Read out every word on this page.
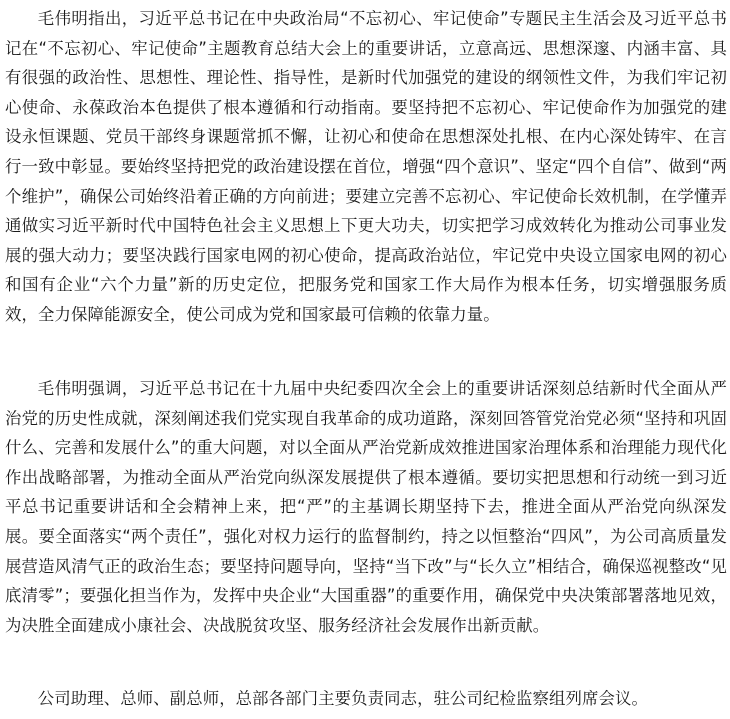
毛伟明指出，习近平总书记在中央政治局“不忘初心、牢记使命”专题民主生活会及习近平总书记在“不忘初心、牢记使命”主题教育总结大会上的重要讲话，立意高远、思想深邃、内涵丰富、具有很强的政治性、思想性、理论性、指导性，是新时代加强党的建设的纲领性文件，为我们牢记初心使命、永葆政治本色提供了根本遵循和行动指南。要坚持把不忘初心、牢记使命作为加强党的建设永恒课题、党员干部终身课题常抓不懈，让初心和使命在思想深处扎根、在内心深处铸牢、在言行一致中彰显。要始终坚持把党的政治建设摆在首位，增强“四个意识”、坚定“四个自信”、做到“两个维护”，确保公司始终沿着正确的方向前进；要建立完善不忘初心、牢记使命长效机制，在学懂弄通做实习近平新时代中国特色社会主义思想上下更大功夫，切实把学习成效转化为推动公司事业发展的强大动力；要坚决践行国家电网的初心使命，提高政治站位，牢记党中央设立国家电网的初心和国有企业“六个力量”新的历史定位，把服务党和国家工作大局作为根本任务，切实增强服务质效，全力保障能源安全，使公司成为党和国家最可信赖的依靠力量。

毛伟明强调，习近平总书记在十九届中央纪委四次全会上的重要讲话深刻总结新时代全面从严治党的历史性成就，深刻阐述我们党实现自我革命的成功道路，深刻回答管党治党必须“坚持和巩固什么、完善和发展什么”的重大问题，对以全面从严治党新成效推进国家治理体系和治理能力现代化作出战略部署，为推动全面从严治党向纵深发展提供了根本遵循。要切实把思想和行动统一到习近平总书记重要讲话和全会精神上来，把“严”的主基调长期坚持下去，推进全面从严治党向纵深发展。要全面落实“两个责任”，强化对权力运行的监督制约，持之以恒整治“四风”，为公司高质量发展营造风清气正的政治生态；要坚持问题导向，坚持“当下改”与“长久立”相结合，确保巡视整改“见底清零”；要强化担当作为，发挥中央企业“大国重器”的重要作用，确保党中央决策部署落地见效，为决胜全面建成小康社会、决战脱贫攻坚、服务经济社会发展作出新贡献。

公司助理、总师、副总师，总部各部门主要负责同志，驻公司纪检监察组列席会议。
